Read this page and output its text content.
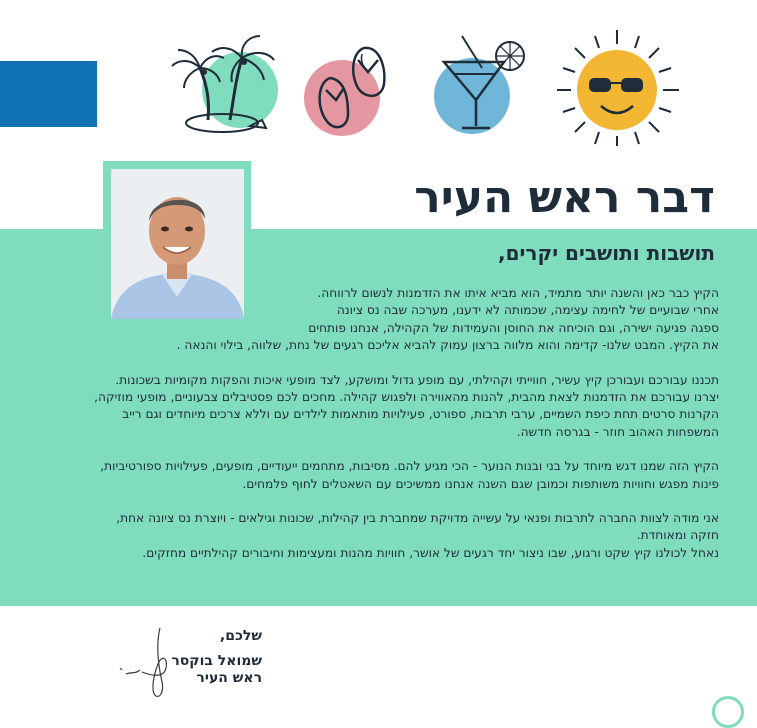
דבר ראש העיר
תושבות ותושבים יקרים,

הקיץ כבר כאן והשנה יותר מתמיד, הוא מביא איתו את הזדמנות לנשום לרווחה.
אחרי שבועיים של לחימה עצימה, שכמותה לא ידענו, מערכה שבה נס ציונה
ספגה פגיעה ישירה, וגם הוכיחה את החוסן והעמידות של הקהילה, אנחנו פותחים
את הקיץ. המבט שלנו- קדימה והוא מלווה ברצון עמוק להביא אליכם רגעים של נחת, שלווה, בילוי והנאה .

תכננו עבורכם ועבורכן קיץ עשיר, חווייתי וקהילתי, עם מופע גדול ומושקע, לצד מופעי איכות והפקות מקומיות בשכונות.
יצרנו עבורכם את הזדמנות לצאת מהבית, להנות מהאווירה ולפגוש קהילה. מחכים לכם פסטיבלים צבעוניים, מופעי מוזיקה,
הקרנות סרטים תחת כיפת השמיים, ערבי תרבות, ספורט, פעילויות מותאמות לילדים עם וללא צרכים מיוחדים וגם רייב
המשפחות האהוב חוזר - בגרסה חדשה.

הקיץ הזה שמנו דגש מיוחד על בני ובנות הנוער - הכי מגיע להם. מסיבות, מתחמים ייעודיים, מופעים, פעילויות ספורטיביות,
פינות מפגש וחוויות משותפות וכמובן שגם השנה אנחנו ממשיכים עם השאטלים לחוף פלמחים.

אני מודה לצוות החברה לתרבות ופנאי על עשייה מדויקת שמחברת בין קהילות, שכונות וגילאים - ויוצרת נס ציונה אחת,
חזקה ומאוחדת.
נאחל לכולנו קיץ שקט ורגוע, שבו ניצור יחד רגעים של אושר, חוויות מהנות ומעצימות וחיבורים קהילתיים מחזקים.

שלכם,
שמואל בוקסר
ראש העיר
